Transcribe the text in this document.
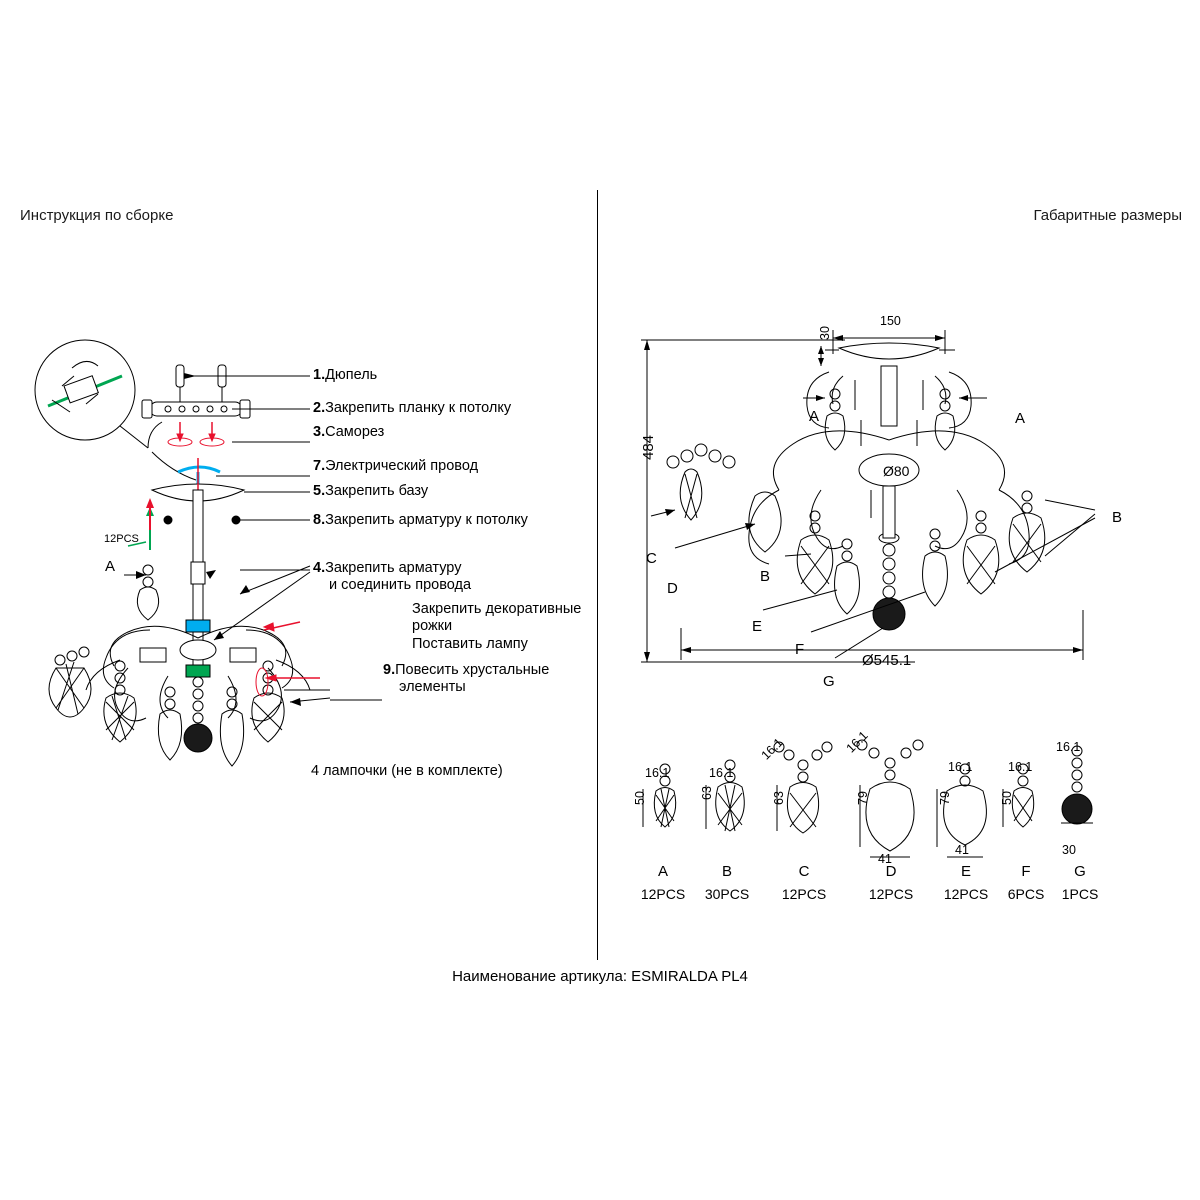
Инструкция по сборке	Габаритные размеры
1.Дюпель
2.Закрепить планку к потолку
3.Саморез
7.Электрический провод
5.Закрепить базу
8.Закрепить арматуру к потолку
4.Закрепить арматуру
и соединить провода
Закрепить декоративные
рожки
Поставить лампу
9.Повесить хрустальные
элементы
4 лампочки (не в комплекте)
12PCS
A
150
30
484
Ø80
Ø545.1
A	A
B
C
D
B
E
F
G
16.1
50
16.1
63
16.1
63
16.1
79
41
16.1
79
41
16.1
50
16.1
30
A
12PCS
B
30PCS
C
12PCS
D
12PCS
E
12PCS
F
6PCS
G
1PCS
Наименование артикула: ESMIRALDA PL4
